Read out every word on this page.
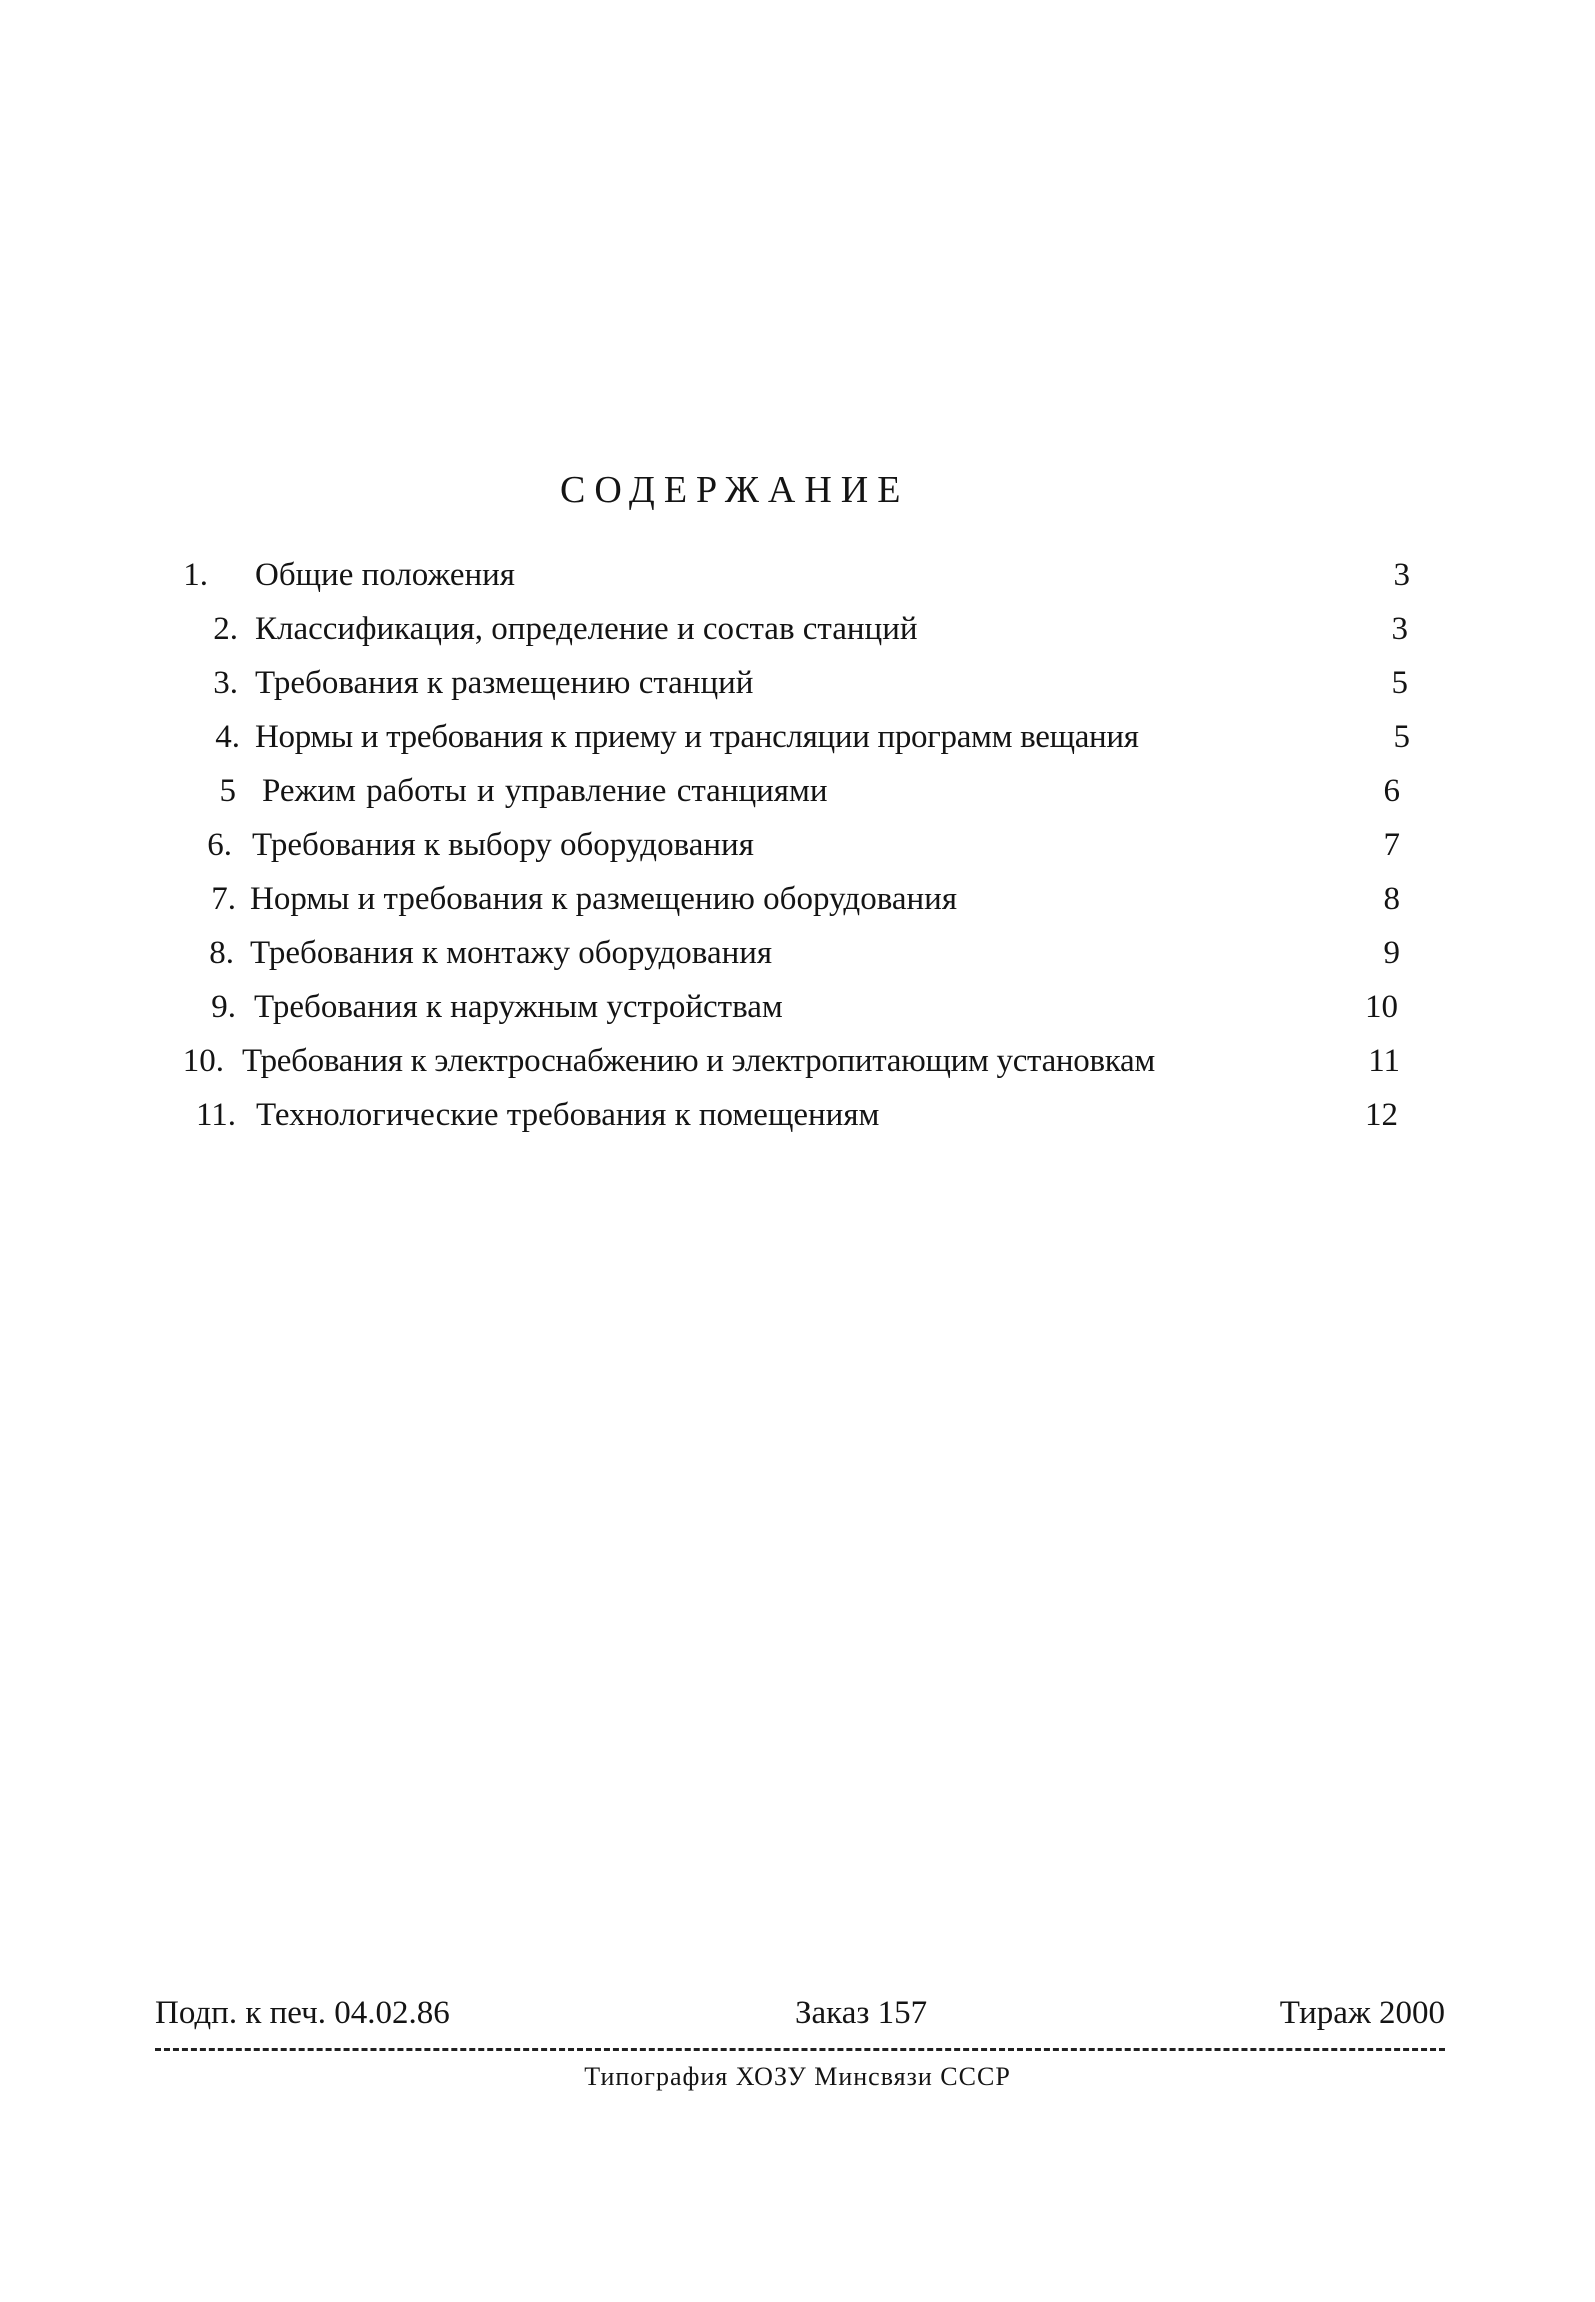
СОДЕРЖАНИЕ
1. Общие положения	3
2. Классификация, определение и состав станций	3
3. Требования к размещению станций	5
4. Нормы и требования к приему и трансляции программ вещания	5
5 Режим работы и управление станциями	6
6. Требования к выбору оборудования	7
7. Нормы и требования к размещению оборудования	8
8. Требования к монтажу оборудования	9
9. Требования к наружным устройствам	10
10. Требования к электроснабжению и электропитающим установкам	11
11. Технологические требования к помещениям	12
Подп. к печ. 04.02.86	Заказ 157	Тираж 2000
Типография ХОЗУ Минсвязи СССР
